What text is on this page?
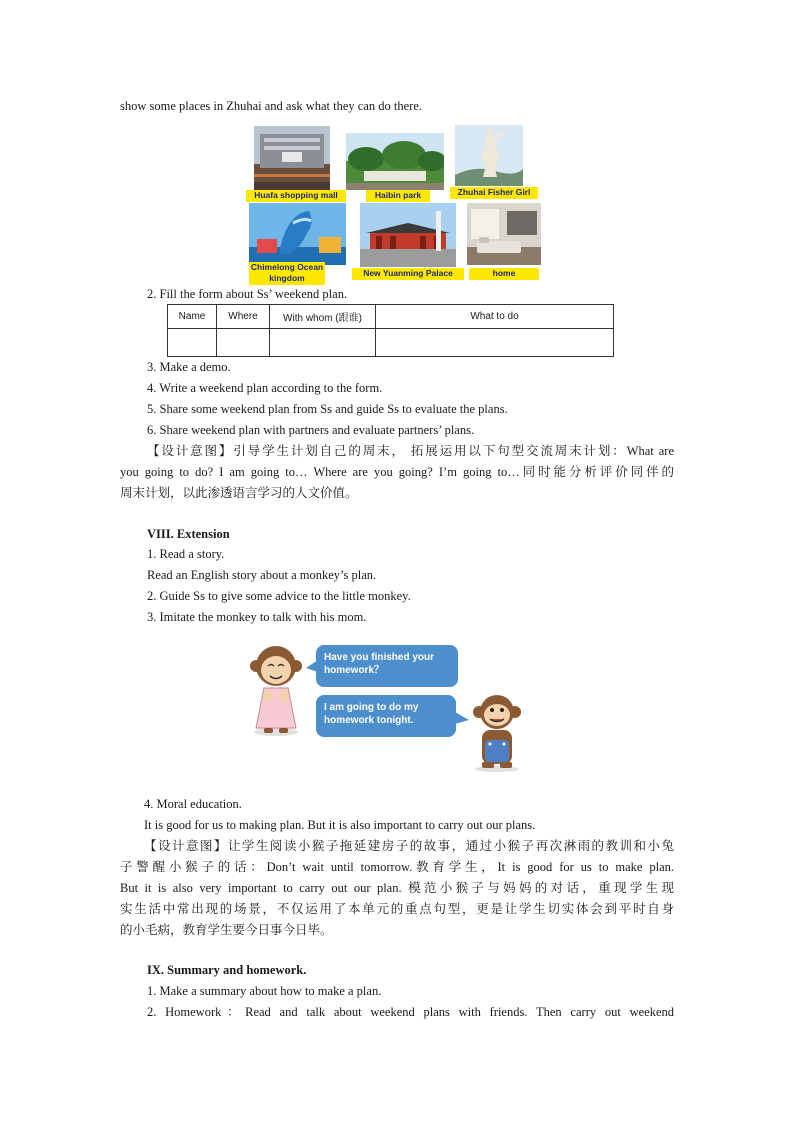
show some places in Zhuhai and ask what they can do there.
Huafa shopping mall	Haibin park	Zhuhai Fisher Girl
Chimelong Ocean kingdom	New Yuanming Palace	home
2. Fill the form about Ss’ weekend plan.
Name	Where	With whom (跟谁)	What to do

3. Make a demo.
4. Write a weekend plan according to the form.
5. Share some weekend plan from Ss and guide Ss to evaluate the plans.
6. Share weekend plan with partners and evaluate partners’ plans.
【设计意图】引导学生计划自己的周末， 拓展运用以下句型交流周末计划：What are
you going to do? I am going to… Where are you going? I’m going to…同时能分析评价同伴的
周末计划，以此渗透语言学习的人文价值。
VIII. Extension
1. Read a story.
Read an English story about a monkey’s plan.
2. Guide Ss to give some advice to the little monkey.
3. Imitate the monkey to talk with his mom.
Have you finished your homework？
I am going to do my homework tonight.
4. Moral education.
It is good for us to making plan. But it is also important to carry out our plans.
【设计意图】让学生阅读小猴子拖延建房子的故事，通过小猴子再次淋雨的教训和小兔
子警醒小猴子的话：Don’t wait until tomorrow.教育学生，It is good for us to make plan.
But it is also very important to carry out our plan. 模范小猴子与妈妈的对话，重现学生现
实生活中常出现的场景，不仅运用了本单元的重点句型，更是让学生切实体会到平时自身
的小毛病，教育学生要今日事今日毕。
IX. Summary and homework.
1. Make a summary about how to make a plan.
2. Homework：Read and talk about weekend plans with friends. Then carry out weekend
